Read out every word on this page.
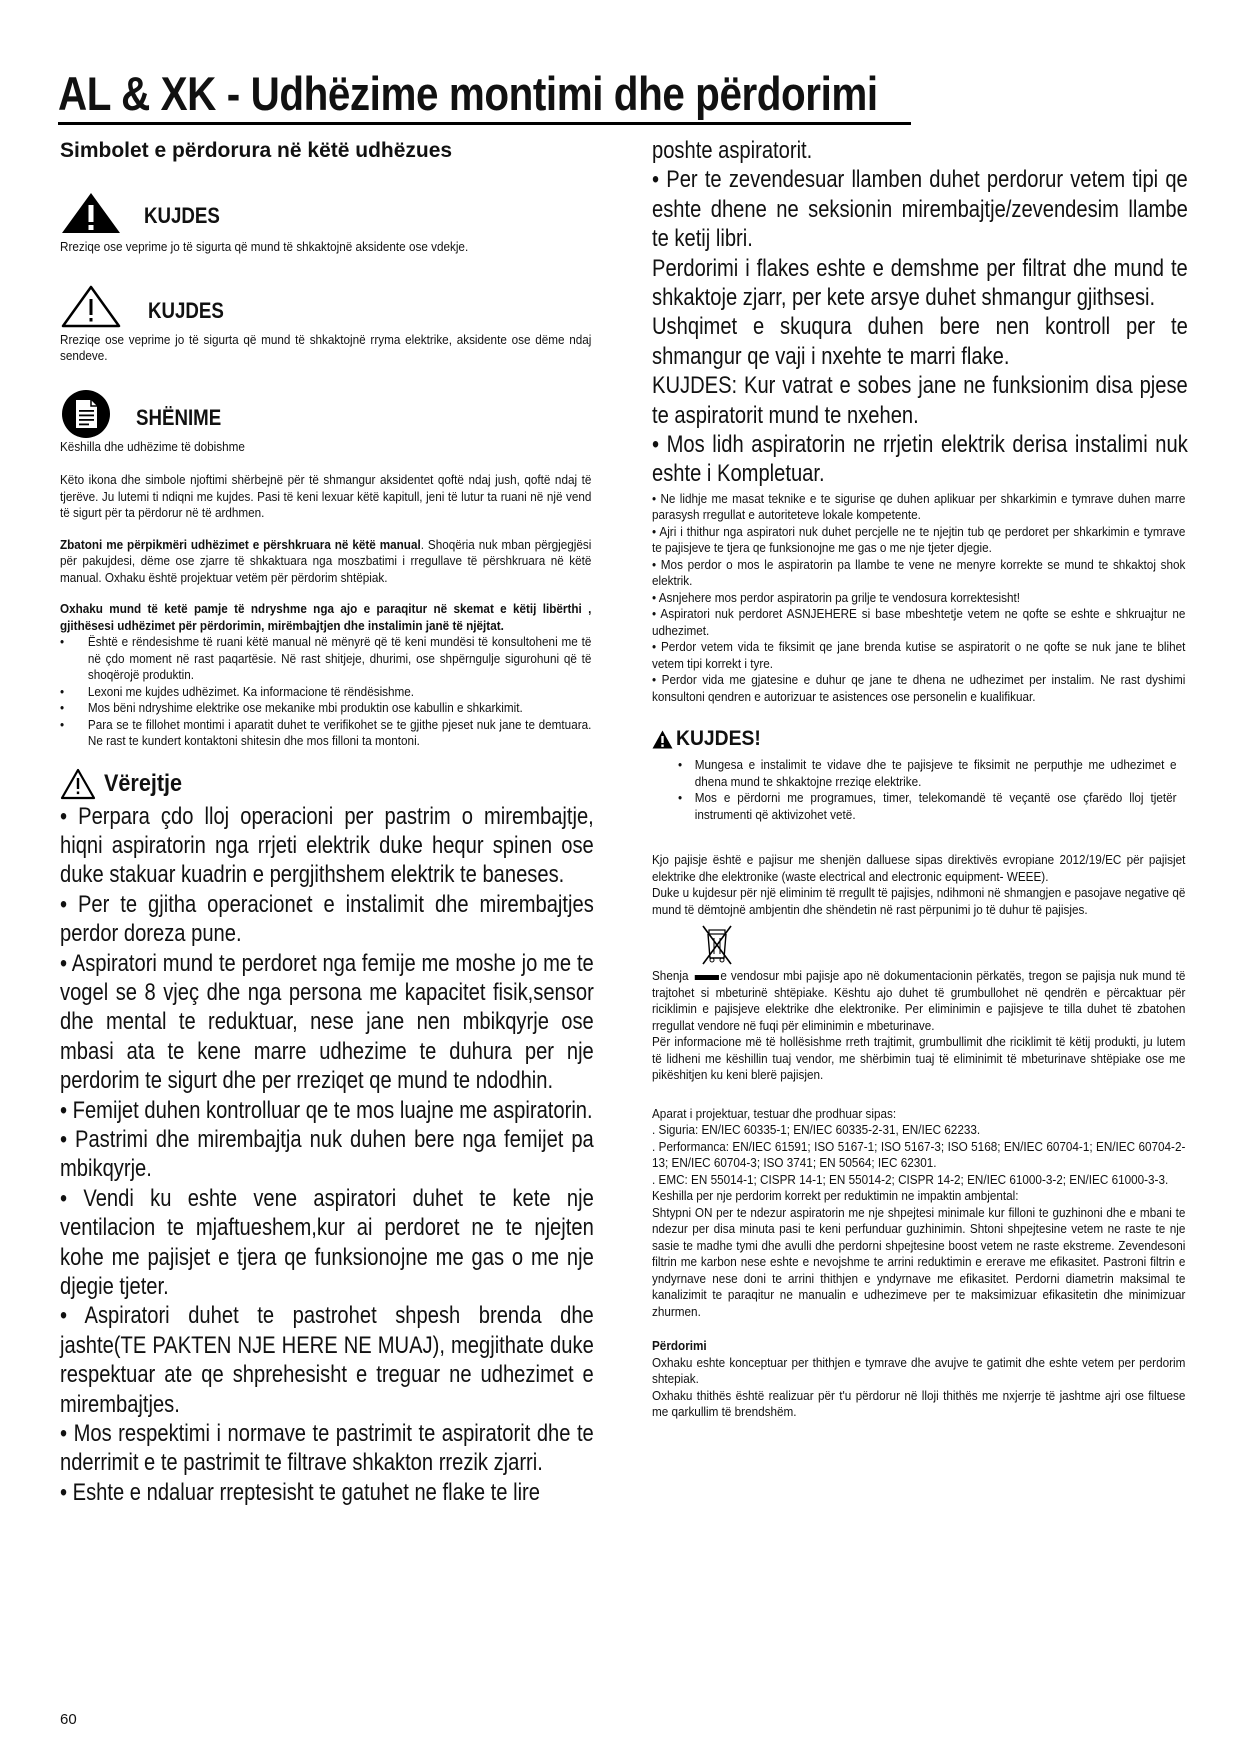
AL & XK - Udhëzime montimi dhe përdorimi
Simbolet e përdorura në këtë udhëzues
KUJDES

Rreziqe ose veprime jo të sigurta që mund të shkaktojnë aksidente ose vdekje.

KUJDES

Rreziqe ose veprime jo të sigurta që mund të shkaktojnë rryma elektrike, aksidente ose dëme ndaj sendeve.

SHËNIME

Këshilla dhe udhëzime të dobishme

Këto ikona dhe simbole njoftimi shërbejnë për të shmangur aksidentet qoftë ndaj jush, qoftë ndaj të tjerëve. Ju lutemi ti ndiqni me kujdes. Pasi të keni lexuar këtë kapitull, jeni të lutur ta ruani në një vend të sigurt për ta përdorur në të ardhmen.

Zbatoni me përpikmëri udhëzimet e përshkruara në këtë manual. Shoqëria nuk mban përgjegjësi për pakujdesi, dëme ose zjarre të shkaktuara nga moszbatimi i rregullave të përshkruara në këtë manual. Oxhaku është projektuar vetëm për përdorim shtëpiak.

Oxhaku mund të ketë pamje të ndryshme nga ajo e paraqitur në skemat e këtij libërthi , gjithësesi udhëzimet për përdorimin, mirëmbajtjen dhe instalimin janë të njëjtat.

• Është e rëndesishme të ruani këtë manual në mënyrë që të keni mundësi të konsultoheni me të në çdo moment në rast paqartësie. Në rast shitjeje, dhurimi, ose shpërngulje sigurohuni që të shoqërojë produktin.
• Lexoni me kujdes udhëzimet. Ka informacione të rëndësishme.
• Mos bëni ndryshime elektrike ose mekanike mbi produktin ose kabullin e shkarkimit.
• Para se te fillohet montimi i aparatit duhet te verifikohet se te gjithe pjeset nuk jane te demtuara. Ne rast te kundert kontaktoni shitesin dhe mos filloni ta montoni.
Vërejtje
• Perpara çdo lloj operacioni per pastrim o mirembajtje, hiqni aspiratorin nga rrjeti elektrik duke hequr spinen ose duke stakuar kuadrin e pergjithshem elektrik te baneses.
• Per te gjitha operacionet e instalimit dhe mirembajtjes perdor doreza pune.
• Aspiratori mund te perdoret nga femije me moshe jo me te vogel se 8 vjeç dhe nga persona me kapacitet fisik,sensor dhe mental te reduktuar, nese jane nen mbikqyrje ose mbasi ata te kene marre udhezime te duhura per nje perdorim te sigurt dhe per rreziqet qe mund te ndodhin.
• Femijet duhen kontrolluar qe te mos luajne me aspiratorin.
• Pastrimi dhe mirembajtja nuk duhen bere nga femijet pa mbikqyrje.
• Vendi ku eshte vene aspiratori duhet te kete nje ventilacion te mjaftueshem,kur ai perdoret ne te njejten kohe me pajisjet e tjera qe funksionojne me gas o me nje djegie tjeter.
• Aspiratori duhet te pastrohet shpesh brenda dhe jashte(TE PAKTEN NJE HERE NE MUAJ), megjithate duke respektuar ate qe shprehesisht e treguar ne udhezimet e mirembajtjes.
• Mos respektimi i normave te pastrimit te aspiratorit dhe te nderrimit e te pastrimit te filtrave shkakton rrezik zjarri.
• Eshte e ndaluar rreptesisht te gatuhet ne flake te lire
poshte aspiratorit.
• Per te zevendesuar llamben duhet perdorur vetem tipi qe eshte dhene ne seksionin mirembajtje/zevendesim llambe te ketij libri.
Perdorimi i flakes eshte e demshme per filtrat dhe mund te shkaktoje zjarr, per kete arsye duhet shmangur gjithsesi.
Ushqimet e skuqura duhen bere nen kontroll per te shmangur qe vaji i nxehte te marri flake.
KUJDES: Kur vatrat e sobes jane ne funksionim disa pjese te aspiratorit mund te nxehen.
• Mos lidh aspiratorin ne rrjetin elektrik derisa instalimi nuk eshte i Kompletuar.
• Ne lidhje me masat teknike e te sigurise qe duhen aplikuar per shkarkimin e tymrave duhen marre parasysh rregullat e autoriteteve lokale kompetente.
• Ajri i thithur nga aspiratori nuk duhet percjelle ne te njejtin tub qe perdoret per shkarkimin e tymrave te pajisjeve te tjera qe funksionojne me gas o me nje tjeter djegie.
• Mos perdor o mos le aspiratorin pa llambe te vene ne menyre korrekte se mund te shkaktoj shok elektrik.
• Asnjehere mos perdor aspiratorin pa grilje te vendosura korrektesisht!
• Aspiratori nuk perdoret ASNJEHERE si base mbeshtetje vetem ne qofte se eshte e shkruajtur ne udhezimet.
• Perdor vetem vida te fiksimit qe jane brenda kutise se aspiratorit o ne qofte se nuk jane te blihet vetem tipi korrekt i tyre.
• Perdor vida me gjatesine e duhur qe jane te dhena ne udhezimet per instalim. Ne rast dyshimi konsultoni qendren e autorizuar te asistences ose personelin e kualifikuar.
KUJDES!
• Mungesa e instalimit te vidave dhe te pajisjeve te fiksimit ne perputhje me udhezimet e dhena mund te shkaktojne rreziqe elektrike.
• Mos e përdorni me programues, timer, telekomandë të veçantë ose çfarëdo lloj tjetër instrumenti që aktivizohet vetë.

Kjo pajisje është e pajisur me shenjën dalluese sipas direktivës evropiane 2012/19/EC për pajisjet elektrike dhe elektronike (waste electrical and electronic equipment- WEEE).

Duke u kujdesur për një eliminim të rregullt të pajisjes, ndihmoni në shmangjen e pasojave negative që mund të dëmtojnë ambjentin dhe shëndetin në rast përpunimi jo të duhur të pajisjes.

Shenja	e vendosur mbi pajisje apo në dokumentacionin përkatës, tregon se pajisja nuk mund të trajtohet si mbeturinë shtëpiake. Kështu ajo duhet të grumbullohet në qendrën e përcaktuar për riciklimin e pajisjeve elektrike dhe elektronike. Per eliminimin e pajisjeve te tilla duhet të zbatohen rregullat vendore në fuqi për eliminimin e mbeturinave.

Për informacione më të hollësishme rreth trajtimit, grumbullimit dhe riciklimit të këtij produkti, ju lutem të lidheni me këshillin tuaj vendor, me shërbimin tuaj të eliminimit të mbeturinave shtëpiake ose me pikëshitjen ku keni blerë pajisjen.

Aparat i projektuar, testuar dhe prodhuar sipas:
. Siguria: EN/IEC 60335-1; EN/IEC 60335-2-31, EN/IEC 62233.
. Performanca: EN/IEC 61591; ISO 5167-1; ISO 5167-3; ISO 5168; EN/IEC 60704-1; EN/IEC 60704-2-13; EN/IEC 60704-3; ISO 3741; EN 50564; IEC 62301.
. EMC: EN 55014-1; CISPR 14-1; EN 55014-2; CISPR 14-2; EN/IEC 61000-3-2; EN/IEC 61000-3-3.
Keshilla per nje perdorim korrekt per reduktimin ne impaktin ambjental:
Shtypni ON per te ndezur aspiratorin me nje shpejtesi minimale kur filloni te guzhinoni dhe e mbani te ndezur per disa minuta pasi te keni perfunduar guzhinimin. Shtoni shpejtesine vetem ne raste te nje sasie te madhe tymi dhe avulli dhe perdorni shpejtesine boost vetem ne raste ekstreme. Zevendesoni filtrin me karbon nese eshte e nevojshme te arrini reduktimin e ererave me efikasitet. Pastroni filtrin e yndyrnave nese doni te arrini thithjen e yndyrnave me efikasitet. Perdorni diametrin maksimal te kanalizimit te paraqitur ne manualin e udhezimeve per te maksimizuar efikasitetin dhe minimizuar zhurmen.
Përdorimi

Oxhaku eshte konceptuar per thithjen e tymrave dhe avujve te gatimit dhe eshte vetem per perdorim shtepiak.

Oxhaku thithës është realizuar për t'u përdorur në lloji thithës me nxjerrje të jashtme ajri ose filtuese me qarkullim të brendshëm.

60
